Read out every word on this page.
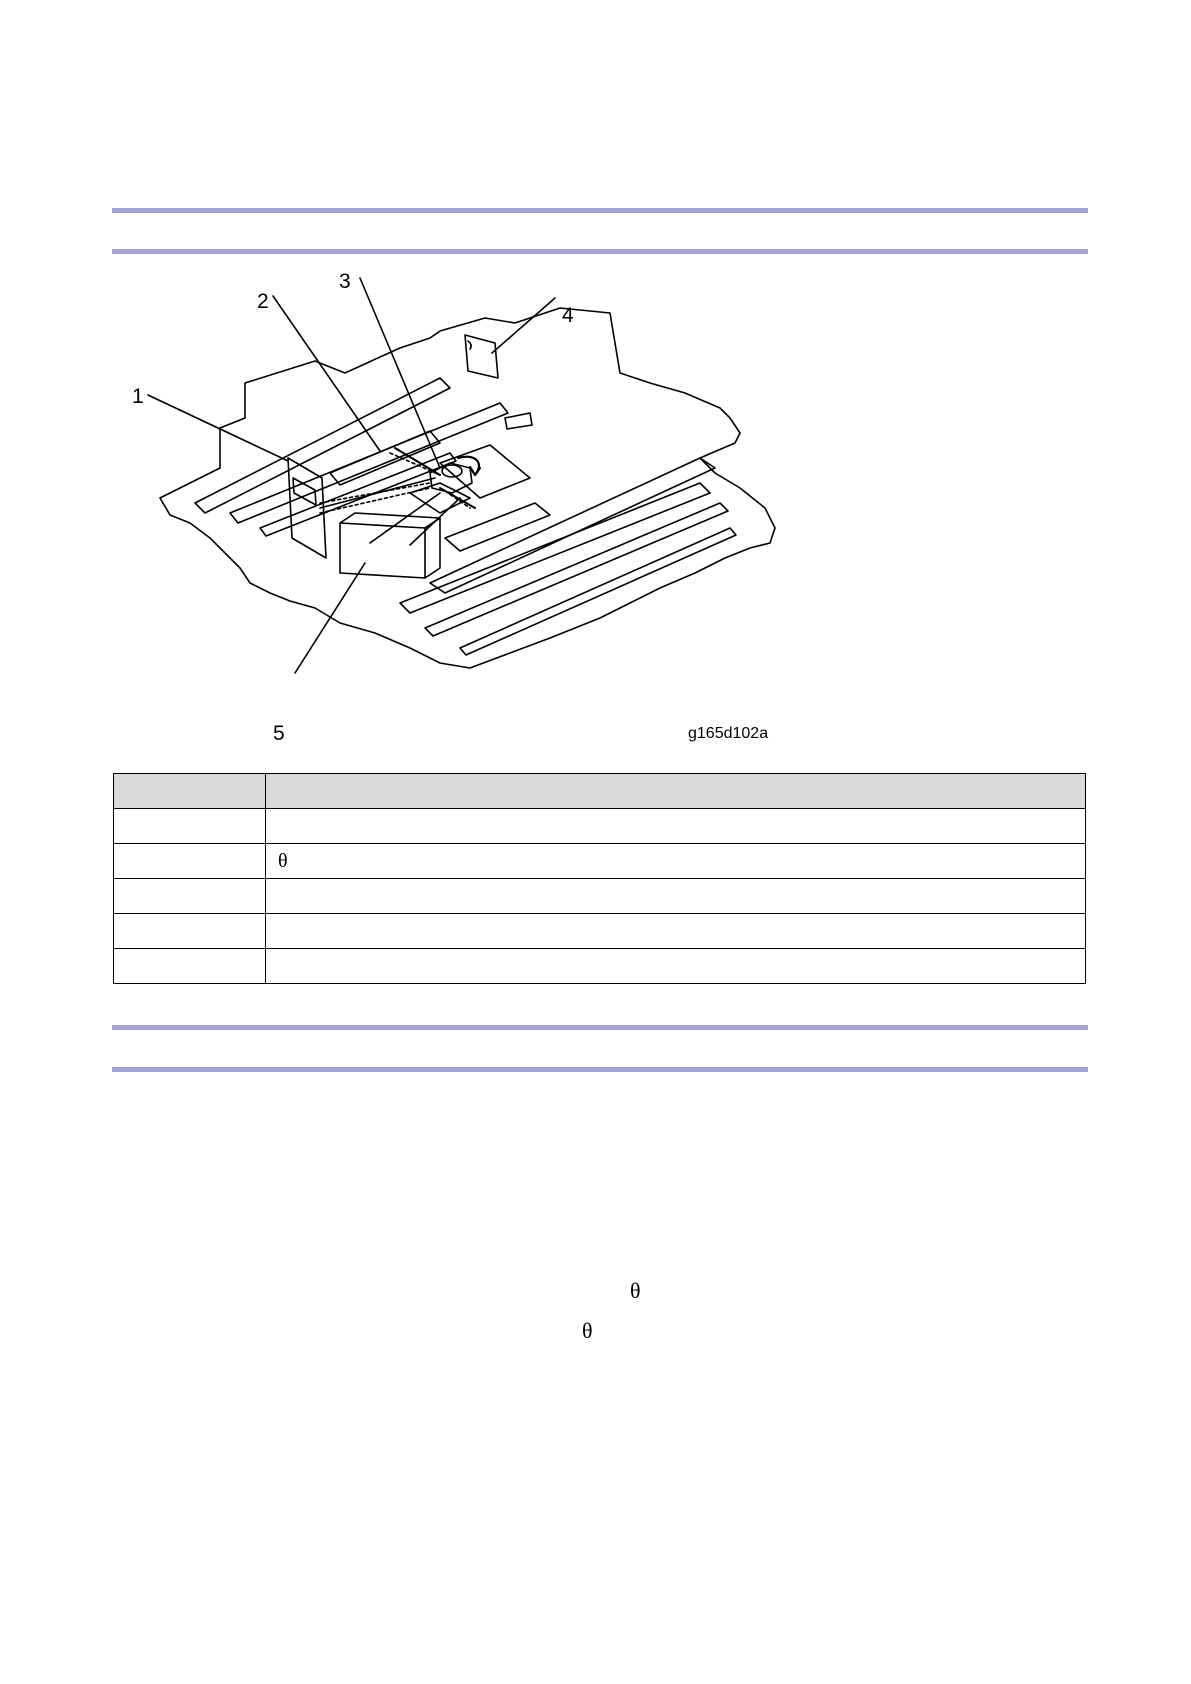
1
2
3
4
5	g165d102a

	θ

θ
θ
